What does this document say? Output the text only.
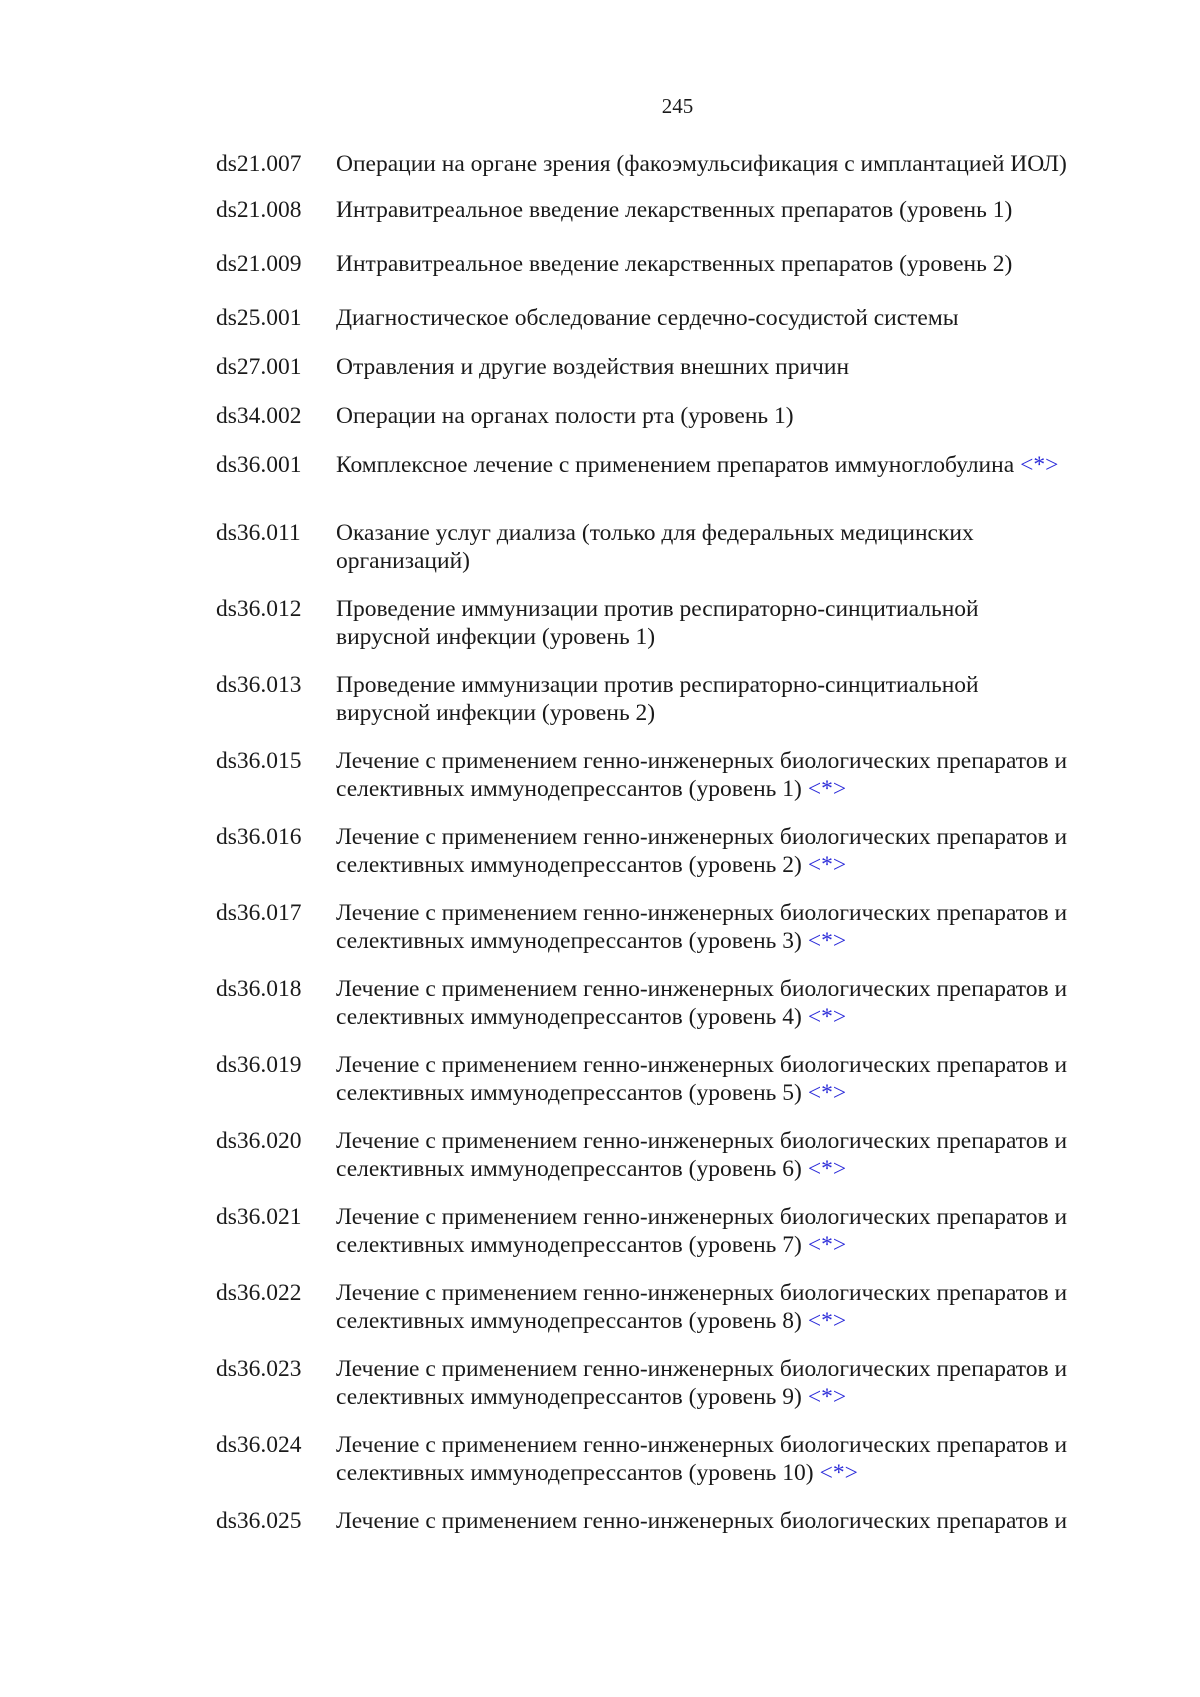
245
ds21.007	Операции на органе зрения (факоэмульсификация с имплантацией ИОЛ)
ds21.008	Интравитреальное введение лекарственных препаратов (уровень 1)
ds21.009	Интравитреальное введение лекарственных препаратов (уровень 2)
ds25.001	Диагностическое обследование сердечно-сосудистой системы
ds27.001	Отравления и другие воздействия внешних причин
ds34.002	Операции на органах полости рта (уровень 1)
ds36.001	Комплексное лечение с применением препаратов иммуноглобулина <*>
ds36.011	Оказание услуг диализа (только для федеральных медицинских
организаций)
ds36.012	Проведение иммунизации против респираторно-синцитиальной
вирусной инфекции (уровень 1)
ds36.013	Проведение иммунизации против респираторно-синцитиальной
вирусной инфекции (уровень 2)
ds36.015	Лечение с применением генно-инженерных биологических препаратов и
селективных иммунодепрессантов (уровень 1) <*>
ds36.016	Лечение с применением генно-инженерных биологических препаратов и
селективных иммунодепрессантов (уровень 2) <*>
ds36.017	Лечение с применением генно-инженерных биологических препаратов и
селективных иммунодепрессантов (уровень 3) <*>
ds36.018	Лечение с применением генно-инженерных биологических препаратов и
селективных иммунодепрессантов (уровень 4) <*>
ds36.019	Лечение с применением генно-инженерных биологических препаратов и
селективных иммунодепрессантов (уровень 5) <*>
ds36.020	Лечение с применением генно-инженерных биологических препаратов и
селективных иммунодепрессантов (уровень 6) <*>
ds36.021	Лечение с применением генно-инженерных биологических препаратов и
селективных иммунодепрессантов (уровень 7) <*>
ds36.022	Лечение с применением генно-инженерных биологических препаратов и
селективных иммунодепрессантов (уровень 8) <*>
ds36.023	Лечение с применением генно-инженерных биологических препаратов и
селективных иммунодепрессантов (уровень 9) <*>
ds36.024	Лечение с применением генно-инженерных биологических препаратов и
селективных иммунодепрессантов (уровень 10) <*>
ds36.025	Лечение с применением генно-инженерных биологических препаратов и
